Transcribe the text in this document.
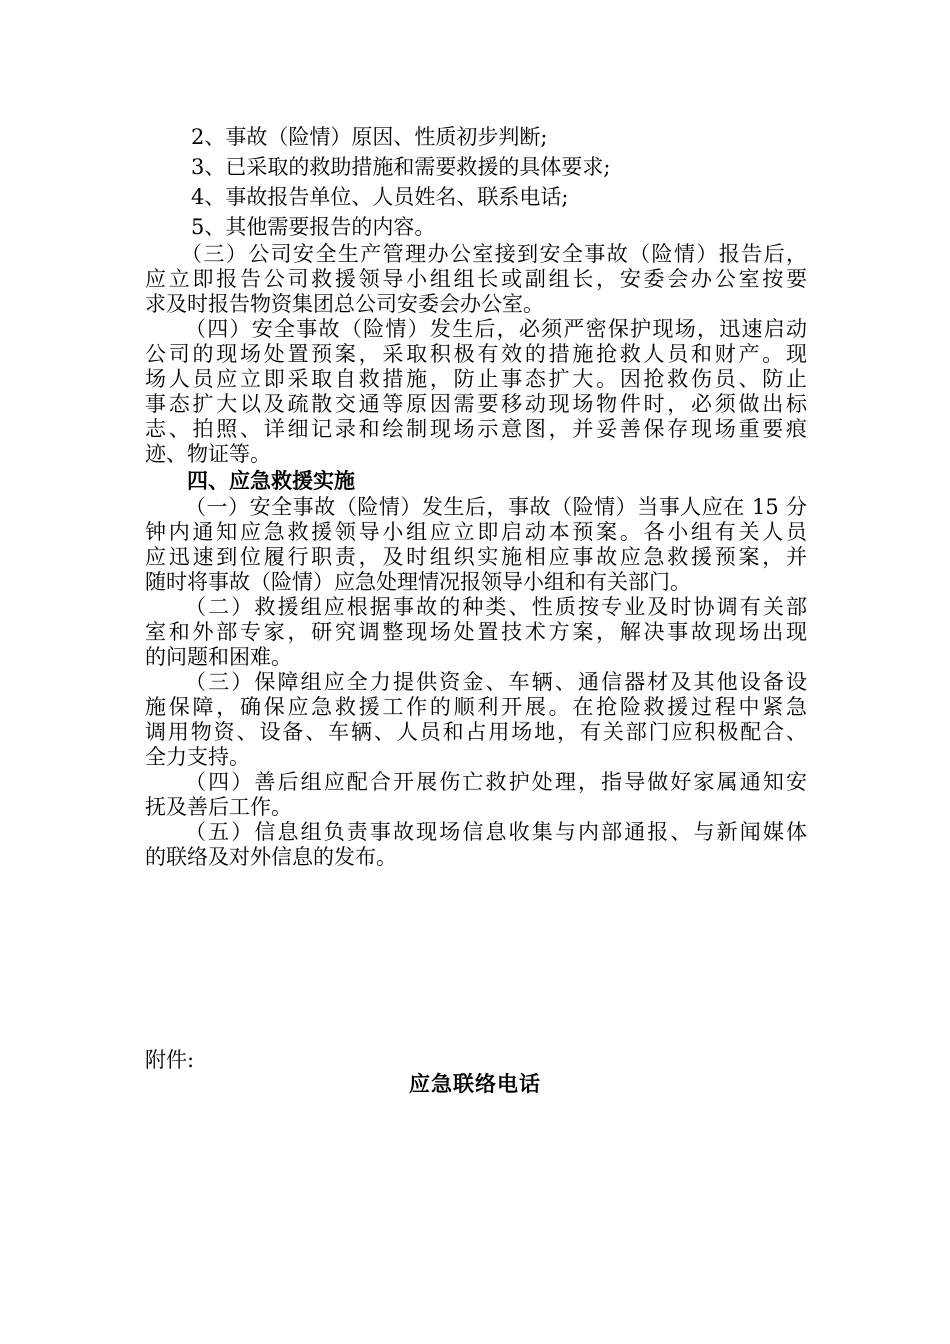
2、事故（险情）原因、性质初步判断;
3、已采取的救助措施和需要救援的具体要求;
4、事故报告单位、人员姓名、联系电话;
5、其他需要报告的内容。
（三）公司安全生产管理办公室接到安全事故（险情）报告后，
应立即报告公司救援领导小组组长或副组长，安委会办公室按要
求及时报告物资集团总公司安委会办公室。
（四）安全事故（险情）发生后，必须严密保护现场，迅速启动
公司的现场处置预案，采取积极有效的措施抢救人员和财产。现
场人员应立即采取自救措施，防止事态扩大。因抢救伤员、防止
事态扩大以及疏散交通等原因需要移动现场物件时，必须做出标
志、拍照、详细记录和绘制现场示意图，并妥善保存现场重要痕
迹、物证等。
四、应急救援实施
（一）安全事故（险情）发生后，事故（险情）当事人应在 15 分
钟内通知应急救援领导小组应立即启动本预案。各小组有关人员
应迅速到位履行职责，及时组织实施相应事故应急救援预案，并
随时将事故（险情）应急处理情况报领导小组和有关部门。
（二）救援组应根据事故的种类、性质按专业及时协调有关部
室和外部专家，研究调整现场处置技术方案，解决事故现场出现
的问题和困难。
（三）保障组应全力提供资金、车辆、通信器材及其他设备设
施保障，确保应急救援工作的顺利开展。在抢险救援过程中紧急
调用物资、设备、车辆、人员和占用场地，有关部门应积极配合、
全力支持。
（四）善后组应配合开展伤亡救护处理，指导做好家属通知安
抚及善后工作。
（五）信息组负责事故现场信息收集与内部通报、与新闻媒体
的联络及对外信息的发布。
附件:
应急联络电话
